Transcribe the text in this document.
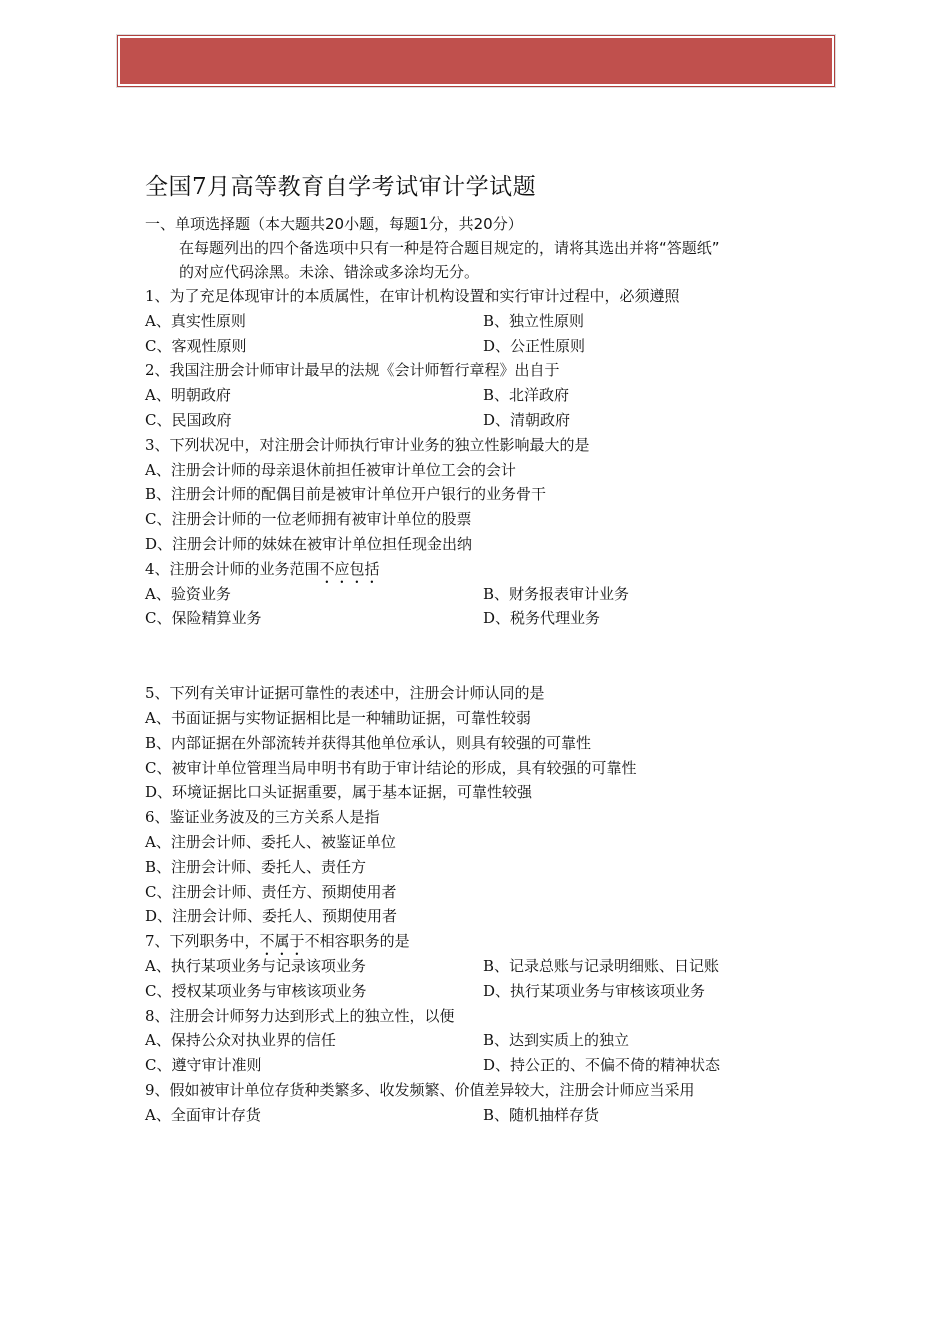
全国7月高等教育自学考试审计学试题
一、单项选择题（本大题共20小题，每题1分，共20分）
在每题列出的四个备选项中只有一种是符合题目规定的，请将其选出并将“答题纸”
的对应代码涂黑。未涂、错涂或多涂均无分。
1、为了充足体现审计的本质属性，在审计机构设置和实行审计过程中，必须遵照
A、真实性原则	B、独立性原则
C、客观性原则	D、公正性原则
2、我国注册会计师审计最早的法规《会计师暂行章程》出自于
A、明朝政府	B、北洋政府
C、民国政府	D、清朝政府
3、下列状况中，对注册会计师执行审计业务的独立性影响最大的是
A、注册会计师的母亲退休前担任被审计单位工会的会计
B、注册会计师的配偶目前是被审计单位开户银行的业务骨干
C、注册会计师的一位老师拥有被审计单位的股票
D、注册会计师的妹妹在被审计单位担任现金出纳
4、注册会计师的业务范围不应包括
A、验资业务	B、财务报表审计业务
C、保险精算业务	D、税务代理业务
5、下列有关审计证据可靠性的表述中，注册会计师认同的是
A、书面证据与实物证据相比是一种辅助证据，可靠性较弱
B、内部证据在外部流转并获得其他单位承认，则具有较强的可靠性
C、被审计单位管理当局申明书有助于审计结论的形成，具有较强的可靠性
D、环境证据比口头证据重要，属于基本证据，可靠性较强
6、鉴证业务波及的三方关系人是指
A、注册会计师、委托人、被鉴证单位
B、注册会计师、委托人、责任方
C、注册会计师、责任方、预期使用者
D、注册会计师、委托人、预期使用者
7、下列职务中，不属于不相容职务的是
A、执行某项业务与记录该项业务	B、记录总账与记录明细账、日记账
C、授权某项业务与审核该项业务	D、执行某项业务与审核该项业务
8、注册会计师努力达到形式上的独立性，以便
A、保持公众对执业界的信任	B、达到实质上的独立
C、遵守审计准则	D、持公正的、不偏不倚的精神状态
9、假如被审计单位存货种类繁多、收发频繁、价值差异较大，注册会计师应当采用
A、全面审计存货	B、随机抽样存货
